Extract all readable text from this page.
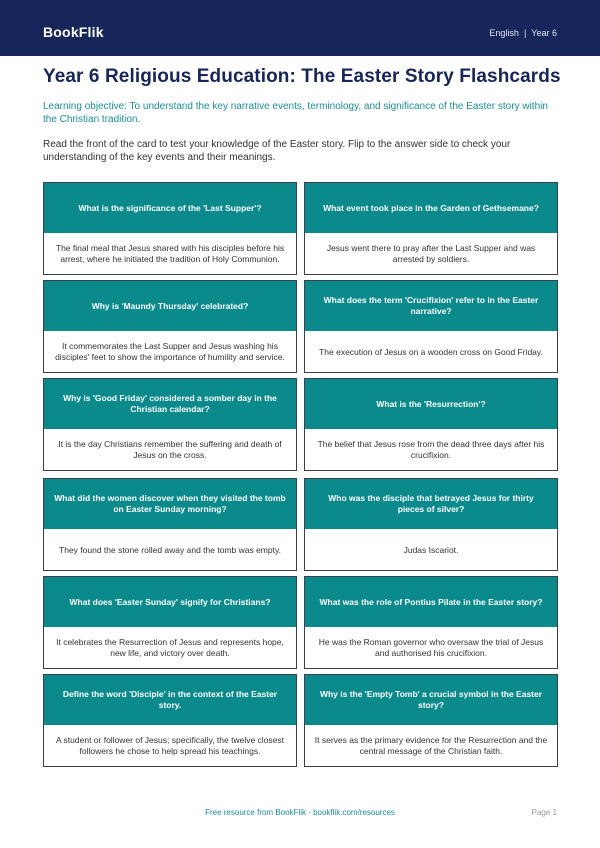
BookFlik	English | Year 6
Year 6 Religious Education: The Easter Story Flashcards
Learning objective: To understand the key narrative events, terminology, and significance of the Easter story within the Christian tradition.
Read the front of the card to test your knowledge of the Easter story. Flip to the answer side to check your understanding of the key events and their meanings.
What is the significance of the 'Last Supper'?
The final meal that Jesus shared with his disciples before his arrest, where he initiated the tradition of Holy Communion.
What event took place in the Garden of Gethsemane?
Jesus went there to pray after the Last Supper and was arrested by soldiers.
Why is 'Maundy Thursday' celebrated?
It commemorates the Last Supper and Jesus washing his disciples' feet to show the importance of humility and service.
What does the term 'Crucifixion' refer to in the Easter narrative?
The execution of Jesus on a wooden cross on Good Friday.
Why is 'Good Friday' considered a somber day in the Christian calendar?
It is the day Christians remember the suffering and death of Jesus on the cross.
What is the 'Resurrection'?
The belief that Jesus rose from the dead three days after his crucifixion.
What did the women discover when they visited the tomb on Easter Sunday morning?
They found the stone rolled away and the tomb was empty.
Who was the disciple that betrayed Jesus for thirty pieces of silver?
Judas Iscariot.
What does 'Easter Sunday' signify for Christians?
It celebrates the Resurrection of Jesus and represents hope, new life, and victory over death.
What was the role of Pontius Pilate in the Easter story?
He was the Roman governor who oversaw the trial of Jesus and authorised his crucifixion.
Define the word 'Disciple' in the context of the Easter story.
A student or follower of Jesus; specifically, the twelve closest followers he chose to help spread his teachings.
Why is the 'Empty Tomb' a crucial symbol in the Easter story?
It serves as the primary evidence for the Resurrection and the central message of the Christian faith.
Free resource from BookFlik · bookflik.com/resources	Page 1
